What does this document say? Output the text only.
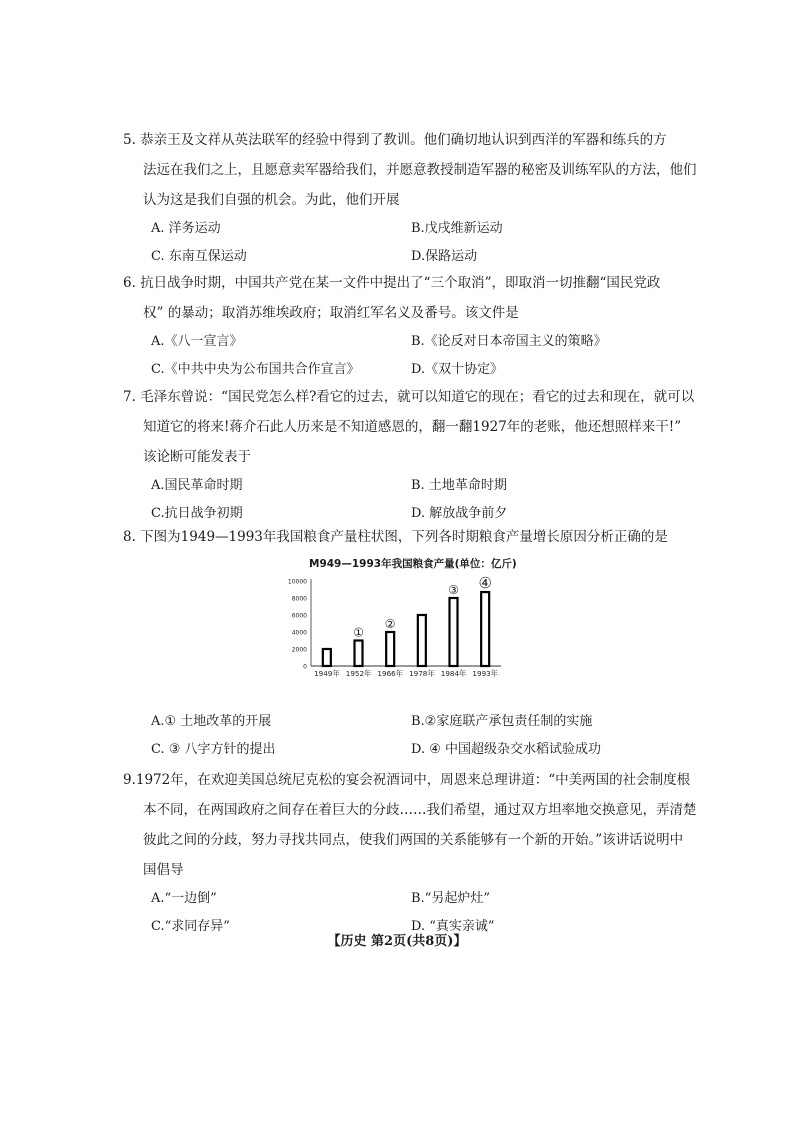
5. 恭亲王及文祥从英法联军的经验中得到了教训。他们确切地认识到西洋的军器和练兵的方
法远在我们之上，且愿意卖军器给我们，并愿意教授制造军器的秘密及训练军队的方法，他们
认为这是我们自强的机会。为此，他们开展
A. 洋务运动	B.戊戌维新运动
C. 东南互保运动	D.保路运动
6. 抗日战争时期，中国共产党在某一文件中提出了“三个取消”，即取消一切推翻“国民党政
权” 的暴动；取消苏维埃政府；取消红军名义及番号。该文件是
A.《八一宣言》	B.《论反对日本帝国主义的策略》
C.《中共中央为公布国共合作宣言》	D.《双十协定》
7. 毛泽东曾说：“国民党怎么样?看它的过去，就可以知道它的现在；看它的过去和现在，就可以
知道它的将来!蒋介石此人历来是不知道感恩的，翻一翻1927年的老账，他还想照样来干!”
该论断可能发表于
A.国民革命时期	B. 土地革命时期
C.抗日战争初期	D. 解放战争前夕
8. 下图为1949—1993年我国粮食产量柱状图，下列各时期粮食产量增长原因分析正确的是
M949—1993年我国粮食产量(单位：亿斤)
10000
8000
6000
4000
2000
0
1949年 1952年
①
1966年
②
1978年 1984年
③
1993年
④
A.① 土地改革的开展	B.②家庭联产承包责任制的实施
C. ③ 八字方针的提出	D. ④ 中国超级杂交水稻试验成功
9.1972年，在欢迎美国总统尼克松的宴会祝酒词中，周恩来总理讲道：“中美两国的社会制度根
本不同，在两国政府之间存在着巨大的分歧……我们希望，通过双方坦率地交换意见，弄清楚
彼此之间的分歧，努力寻找共同点，使我们两国的关系能够有一个新的开始。”该讲话说明中
国倡导
A.“一边倒”	B.“另起炉灶”
C.“求同存异”	D. “真实亲诚”
【历史 第2页(共8页)】
